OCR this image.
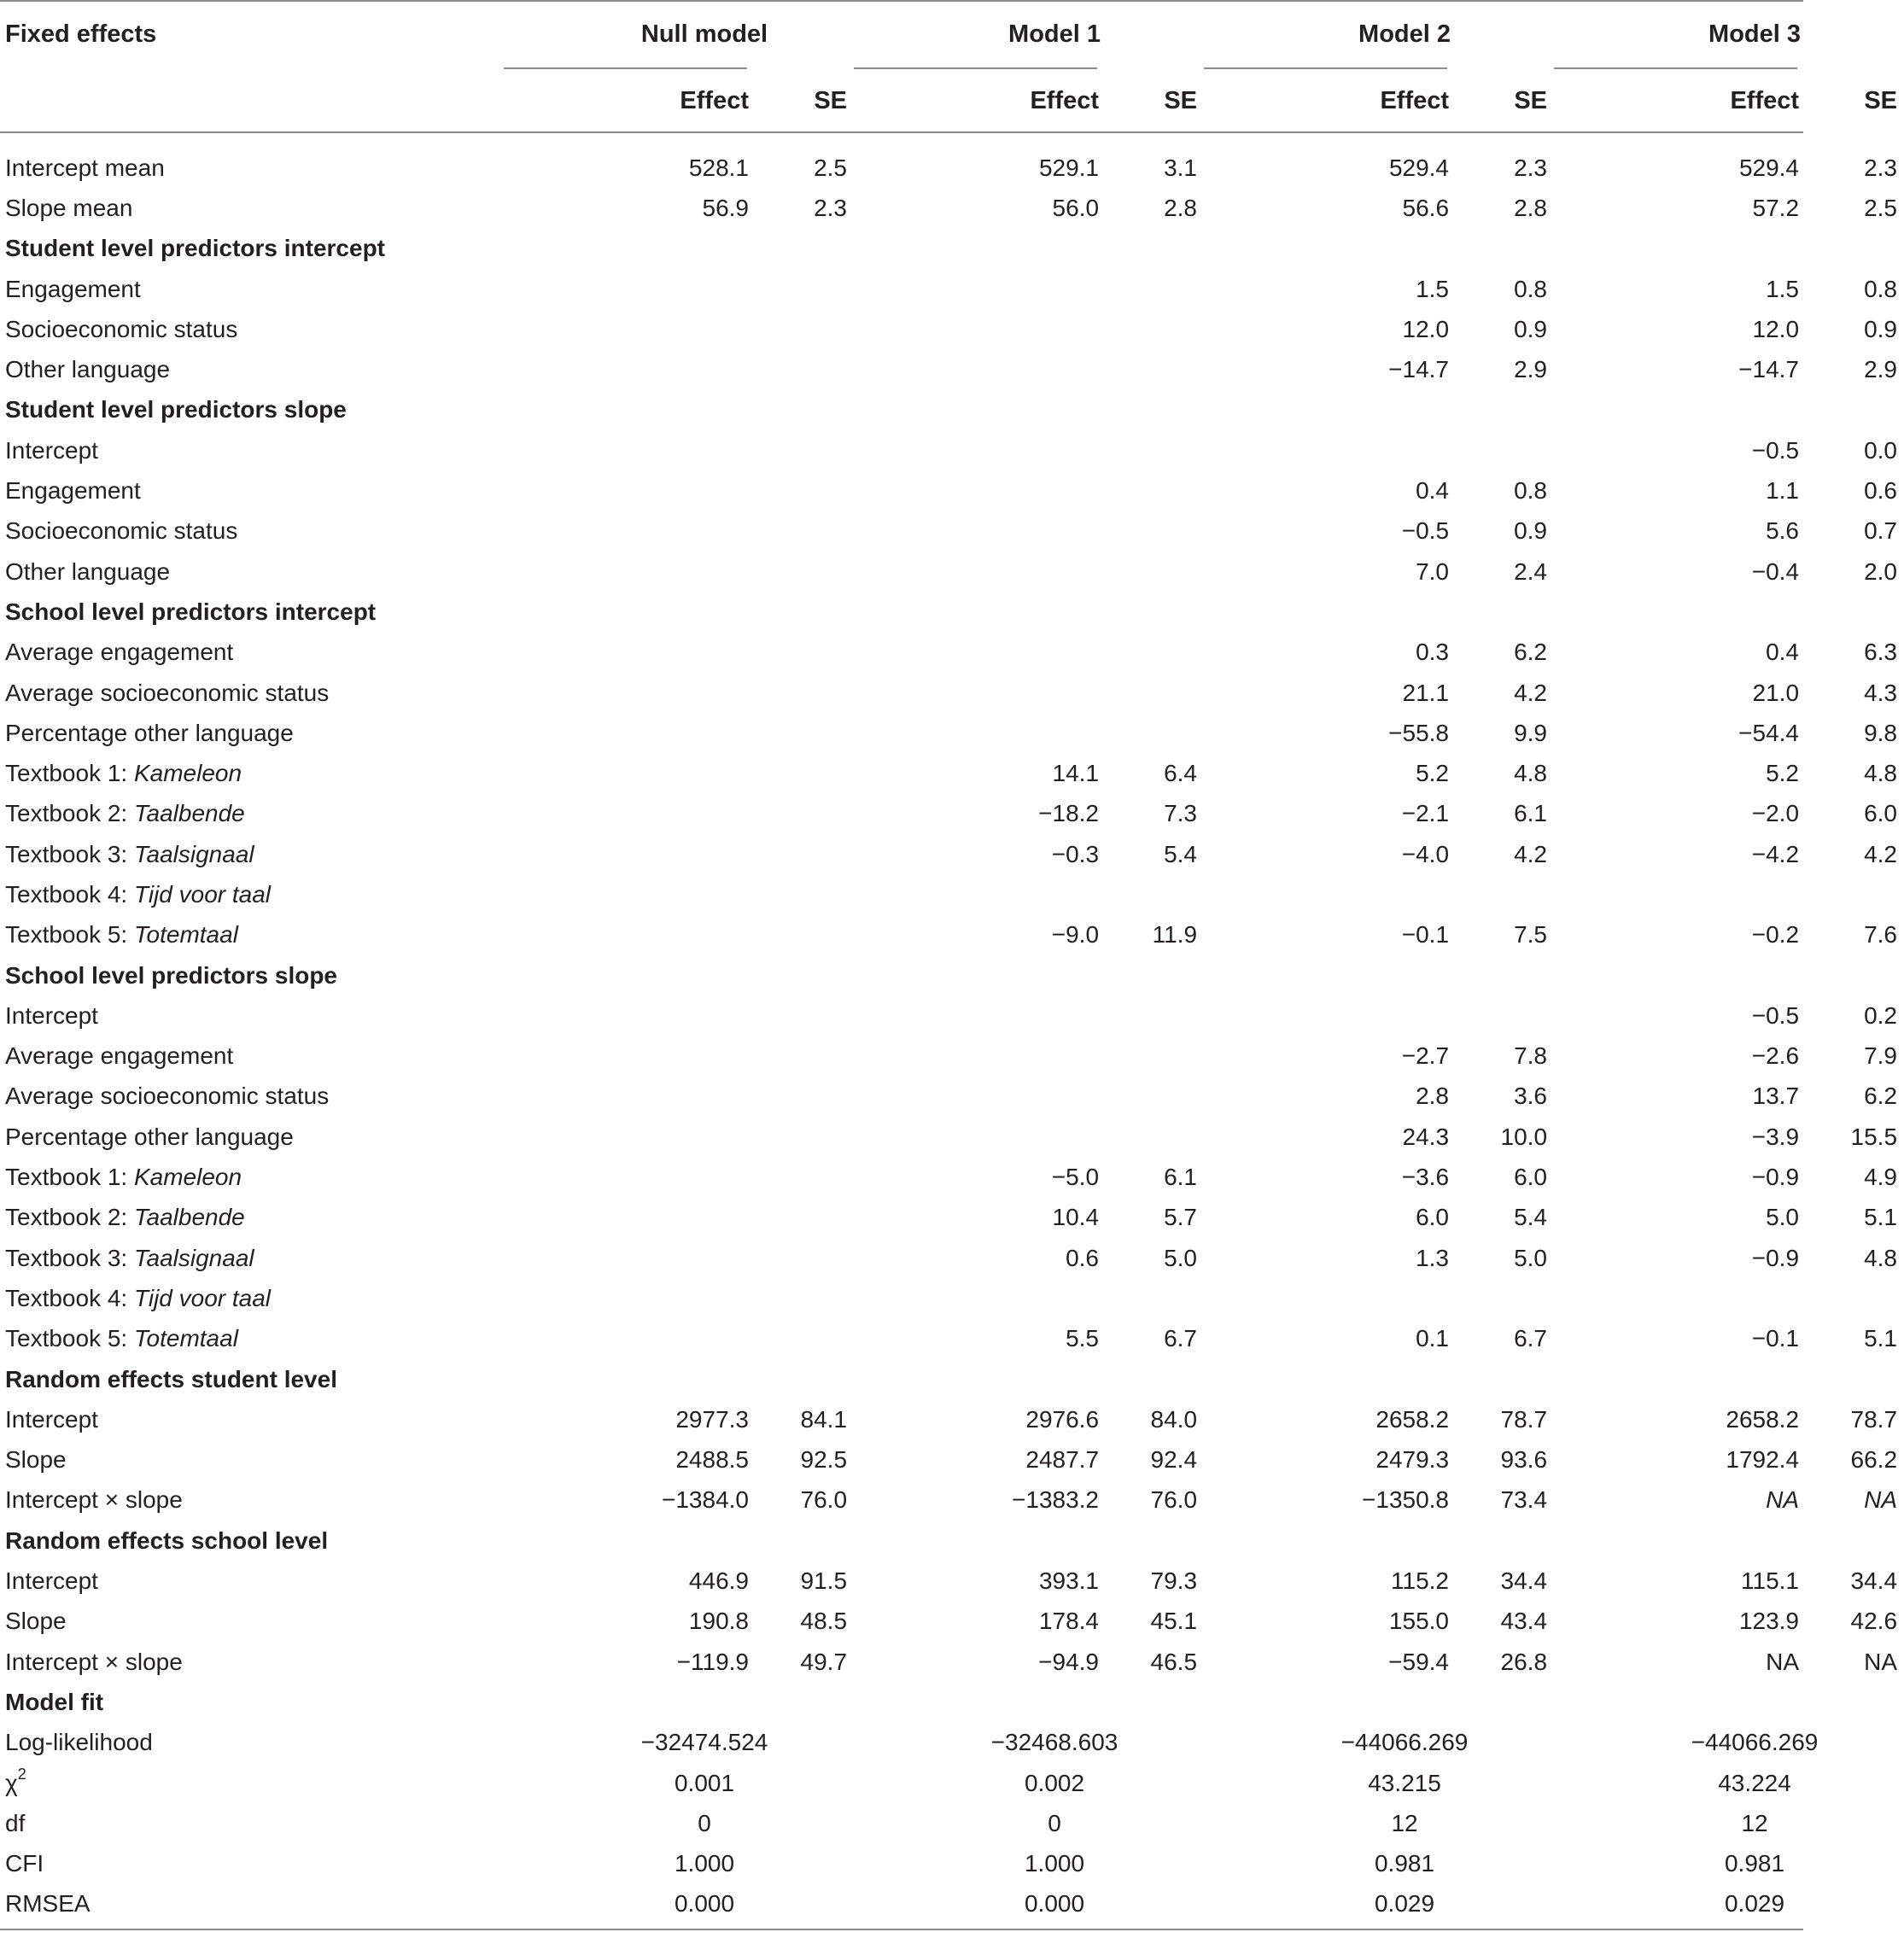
Fixed effects	Null model		Model 1		Model 2		Model 3	
	Effect	SE	Effect	SE	Effect	SE	Effect	SE

Intercept mean	528.1	2.5	529.1	3.1	529.4	2.3	529.4	2.3
Slope mean	56.9	2.3	56.0	2.8	56.6	2.8	57.2	2.5
Student level predictors intercept								
Engagement					1.5	0.8	1.5	0.8
Socioeconomic status					12.0	0.9	12.0	0.9
Other language					−14.7	2.9	−14.7	2.9
Student level predictors slope								
Intercept							−0.5	0.0
Engagement					0.4	0.8	1.1	0.6
Socioeconomic status					−0.5	0.9	5.6	0.7
Other language					7.0	2.4	−0.4	2.0
School level predictors intercept								
Average engagement					0.3	6.2	0.4	6.3
Average socioeconomic status					21.1	4.2	21.0	4.3
Percentage other language					−55.8	9.9	−54.4	9.8
Textbook 1: Kameleon			14.1	6.4	5.2	4.8	5.2	4.8
Textbook 2: Taalbende			−18.2	7.3	−2.1	6.1	−2.0	6.0
Textbook 3: Taalsignaal			−0.3	5.4	−4.0	4.2	−4.2	4.2
Textbook 4: Tijd voor taal								
Textbook 5: Totemtaal			−9.0	11.9	−0.1	7.5	−0.2	7.6
School level predictors slope								
Intercept							−0.5	0.2
Average engagement					−2.7	7.8	−2.6	7.9
Average socioeconomic status					2.8	3.6	13.7	6.2
Percentage other language					24.3	10.0	−3.9	15.5
Textbook 1: Kameleon			−5.0	6.1	−3.6	6.0	−0.9	4.9
Textbook 2: Taalbende			10.4	5.7	6.0	5.4	5.0	5.1
Textbook 3: Taalsignaal			0.6	5.0	1.3	5.0	−0.9	4.8
Textbook 4: Tijd voor taal								
Textbook 5: Totemtaal			5.5	6.7	0.1	6.7	−0.1	5.1
Random effects student level								
Intercept	2977.3	84.1	2976.6	84.0	2658.2	78.7	2658.2	78.7
Slope	2488.5	92.5	2487.7	92.4	2479.3	93.6	1792.4	66.2
Intercept × slope	−1384.0	76.0	−1383.2	76.0	−1350.8	73.4	NA	NA
Random effects school level								
Intercept	446.9	91.5	393.1	79.3	115.2	34.4	115.1	34.4
Slope	190.8	48.5	178.4	45.1	155.0	43.4	123.9	42.6
Intercept × slope	−119.9	49.7	−94.9	46.5	−59.4	26.8	NA	NA
Model fit								
Log-likelihood	−32474.524		−32468.603		−44066.269		−44066.269	
$\chi^2$	0.001		0.002		43.215		43.224	
df	0		0		12		12	
CFI	1.000		1.000		0.981		0.981	
RMSEA	0.000		0.000		0.029		0.029	
